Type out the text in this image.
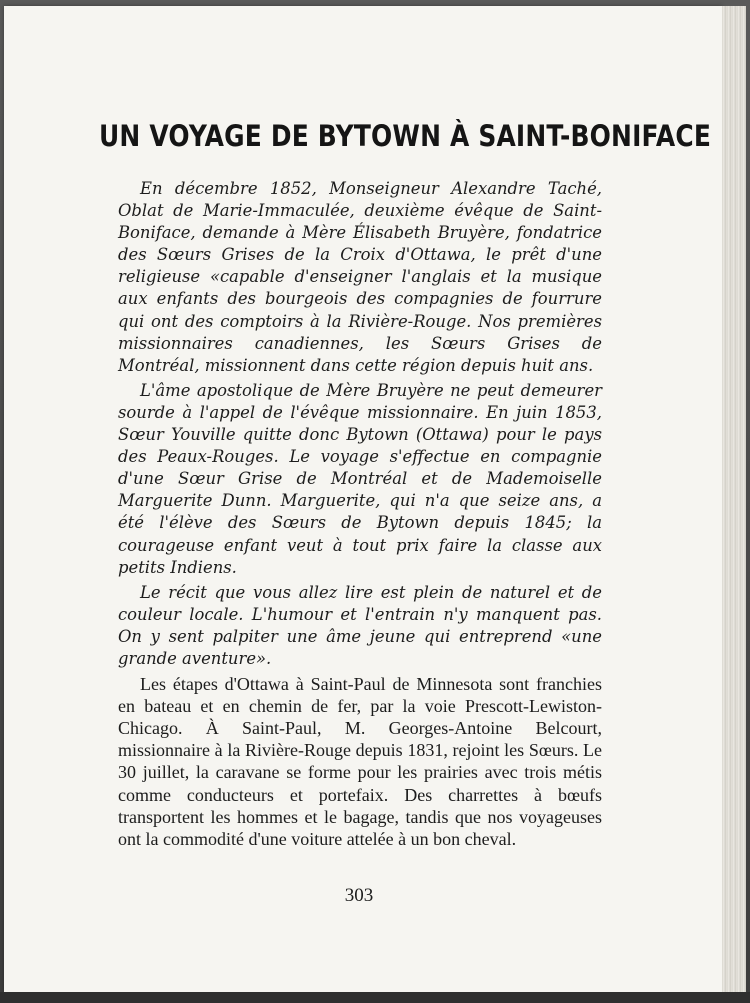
UN VOYAGE DE BYTOWN À SAINT-BONIFACE

En décembre 1852, Monseigneur Alexandre Taché, Oblat de Marie-Immaculée, deuxième évêque de Saint-Boniface, demande à Mère Élisabeth Bruyère, fondatrice des Sœurs Grises de la Croix d'Ottawa, le prêt d'une religieuse «capable d'enseigner l'anglais et la musique aux enfants des bourgeois des compagnies de fourrure qui ont des comptoirs à la Rivière-Rouge. Nos premières missionnaires canadiennes, les Sœurs Grises de Montréal, missionnent dans cette région depuis huit ans.

L'âme apostolique de Mère Bruyère ne peut demeurer sourde à l'appel de l'évêque missionnaire. En juin 1853, Sœur Youville quitte donc Bytown (Ottawa) pour le pays des Peaux-Rouges. Le voyage s'effectue en compagnie d'une Sœur Grise de Montréal et de Mademoiselle Marguerite Dunn. Marguerite, qui n'a que seize ans, a été l'élève des Sœurs de Bytown depuis 1845; la courageuse enfant veut à tout prix faire la classe aux petits Indiens.

Le récit que vous allez lire est plein de naturel et de couleur locale. L'humour et l'entrain n'y manquent pas. On y sent palpiter une âme jeune qui entreprend «une grande aventure».

Les étapes d'Ottawa à Saint-Paul de Minnesota sont franchies en bateau et en chemin de fer, par la voie Prescott-Lewiston-Chicago. À Saint-Paul, M. Georges-Antoine Belcourt, missionnaire à la Rivière-Rouge depuis 1831, rejoint les Sœurs. Le 30 juillet, la caravane se forme pour les prairies avec trois métis comme conducteurs et portefaix. Des charrettes à bœufs transportent les hommes et le bagage, tandis que nos voyageuses ont la commodité d'une voiture attelée à un bon cheval.

303
